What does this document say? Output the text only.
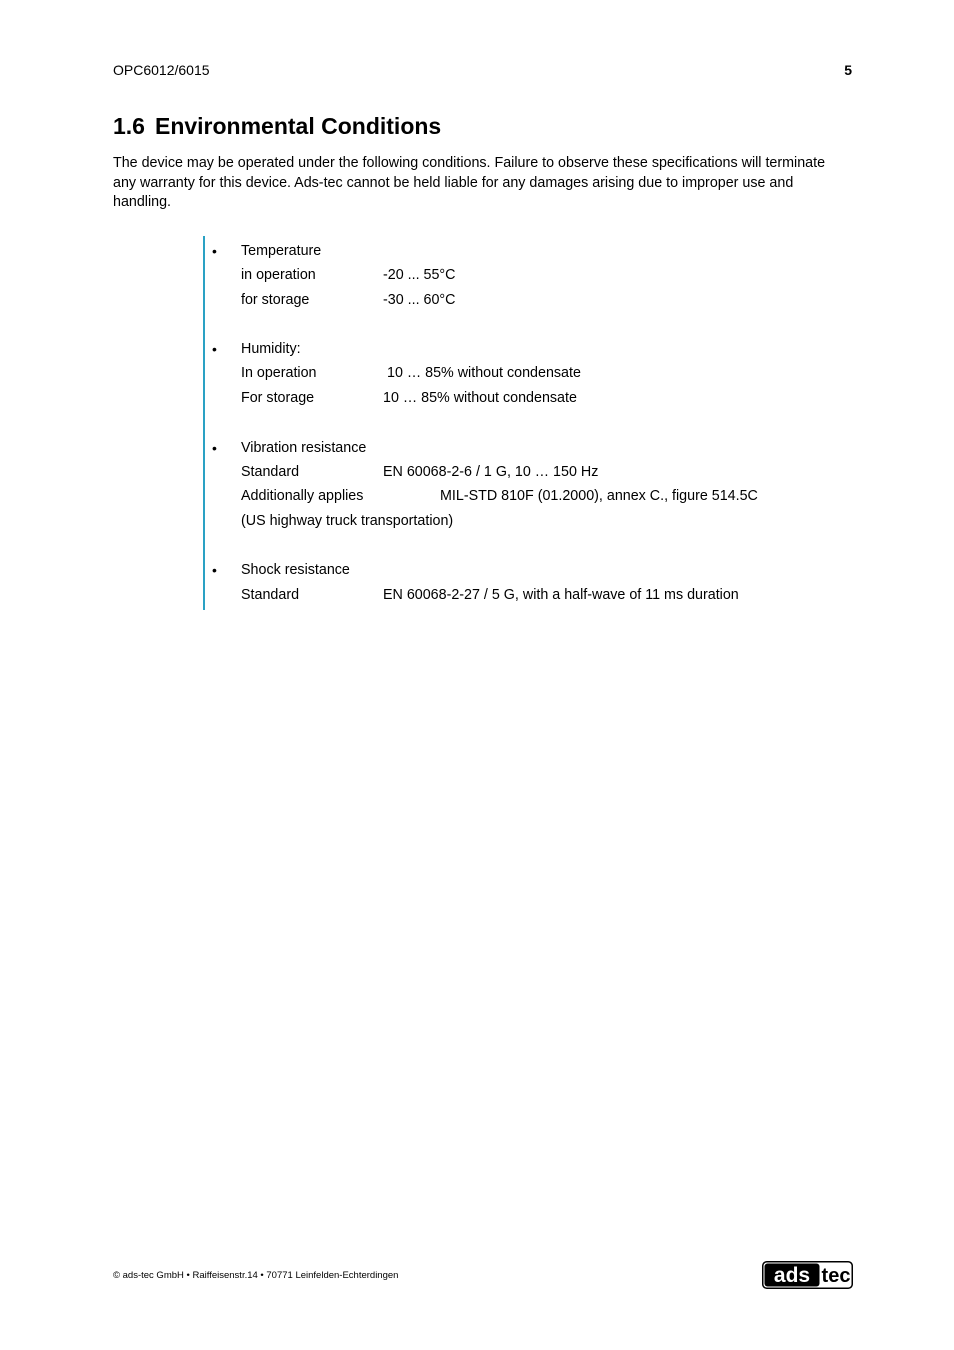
OPC6012/6015	5
1.6 Environmental Conditions

The device may be operated under the following conditions. Failure to observe these specifications will terminate any warranty for this device. Ads-tec cannot be held liable for any damages arising due to improper use and handling.

• Temperature
in operation	-20 ... 55°C
for storage	-30 ... 60°C
• Humidity:
In operation	10 … 85% without condensate
For storage	10 … 85% without condensate
• Vibration resistance
Standard	EN 60068-2-6 / 1 G, 10 … 150 Hz
Additionally applies	MIL-STD 810F (01.2000), annex C., figure 514.5C
(US highway truck transportation)
• Shock resistance
Standard	EN 60068-2-27 / 5 G, with a half-wave of 11 ms duration
© ads-tec GmbH • Raiffeisenstr.14 • 70771 Leinfelden-Echterdingen	ads tec
